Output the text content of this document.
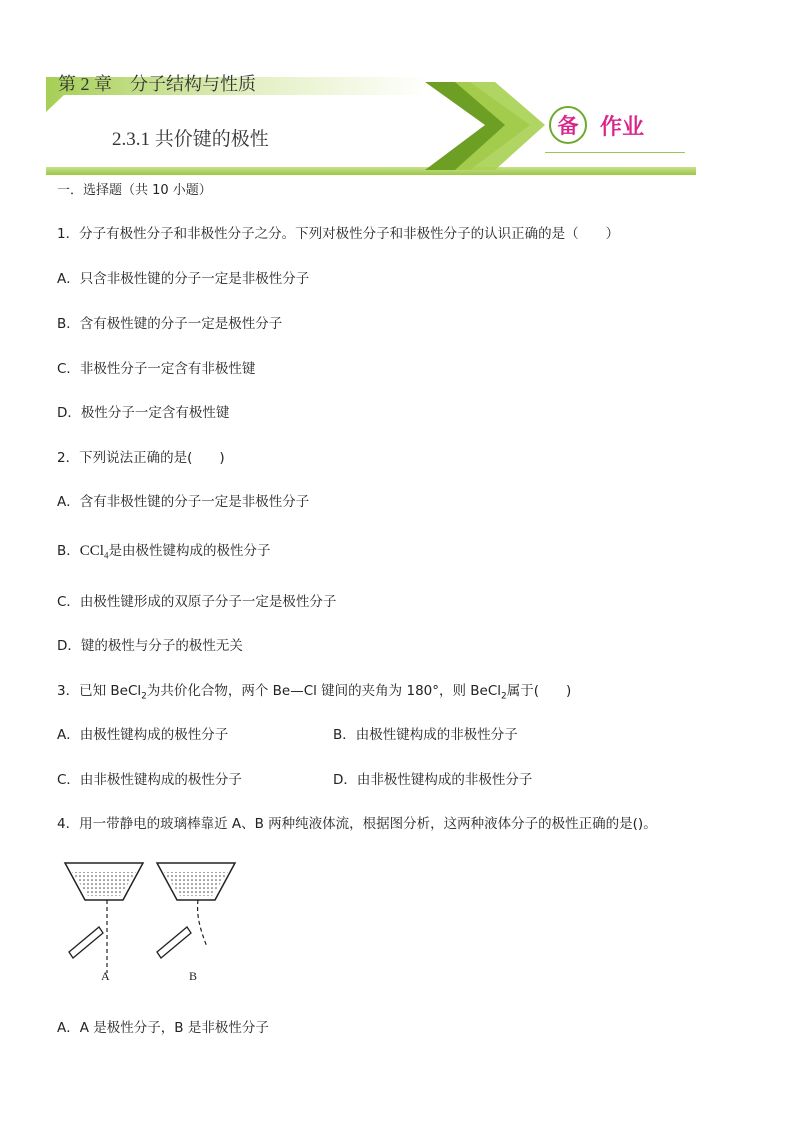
第 2 章　分子结构与性质
2.3.1 共价键的极性
备 作业
一．选择题（共 10 小题）
1．分子有极性分子和非极性分子之分。下列对极性分子和非极性分子的认识正确的是（　　）
A．只含非极性键的分子一定是非极性分子
B．含有极性键的分子一定是极性分子
C．非极性分子一定含有非极性键
D．极性分子一定含有极性键
2．下列说法正确的是(　　)
A．含有非极性键的分子一定是非极性分子
B．CCl$_4$是由极性键构成的极性分子
C．由极性键形成的双原子分子一定是极性分子
D．键的极性与分子的极性无关
3．已知 BeCl$_2$为共价化合物，两个 Be—Cl 键间的夹角为 180°，则 BeCl$_2$属于(　　)
A．由极性键构成的极性分子	B．由极性键构成的非极性分子
C．由非极性键构成的极性分子	D．由非极性键构成的非极性分子
4．用一带静电的玻璃棒靠近 A、B 两种纯液体流，根据图分析，这两种液体分子的极性正确的是()。
A	B
A．A 是极性分子，B 是非极性分子
